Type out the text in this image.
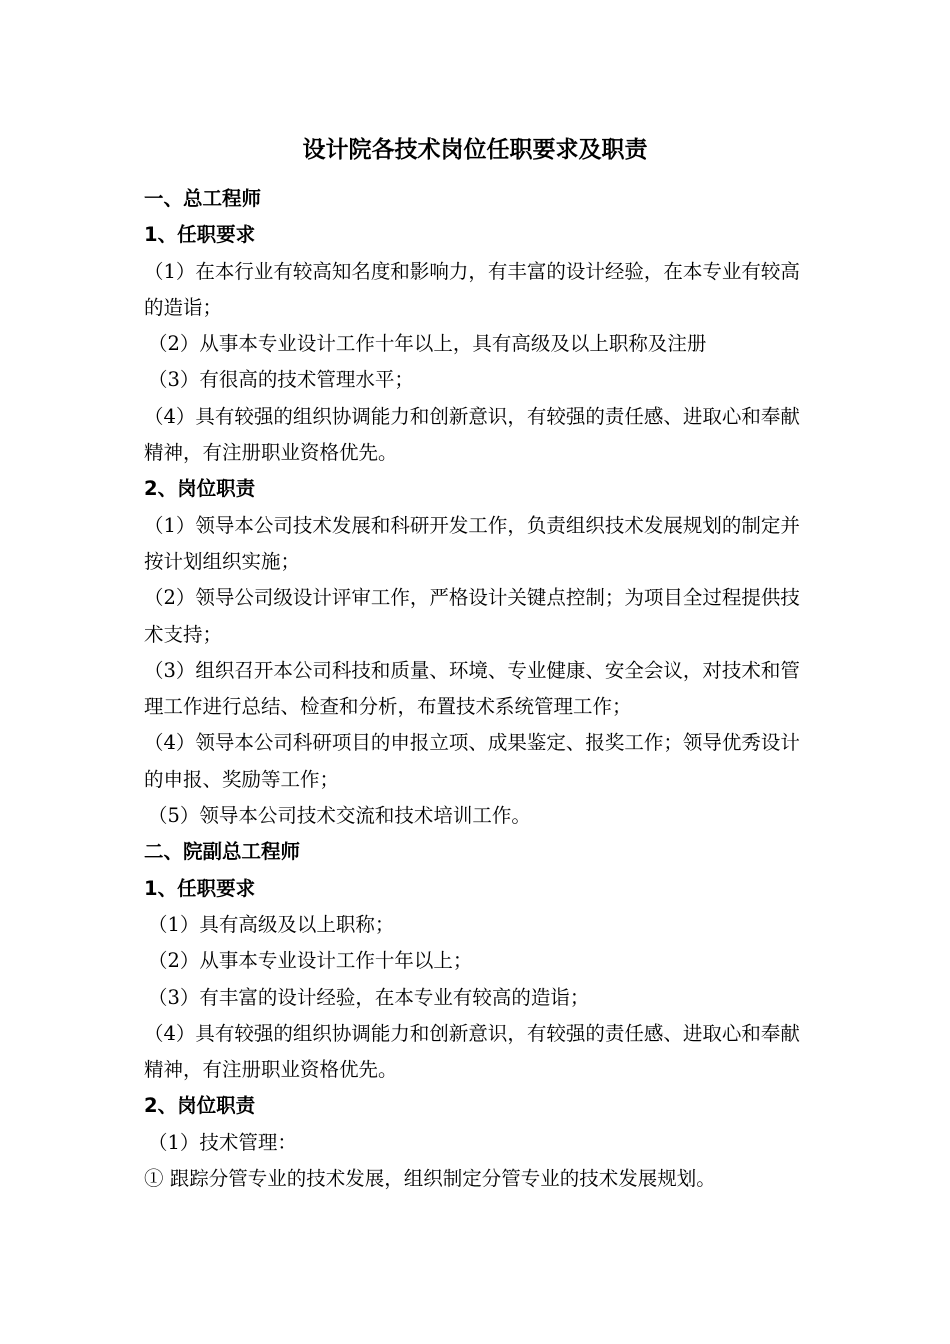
设计院各技术岗位任职要求及职责
一、总工程师
1、任职要求
（1）在本行业有较高知名度和影响力，有丰富的设计经验，在本专业有较高的造诣；
（2）从事本专业设计工作十年以上，具有高级及以上职称及注册
（3）有很高的技术管理水平；
（4）具有较强的组织协调能力和创新意识，有较强的责任感、进取心和奉献精神，有注册职业资格优先。
2、岗位职责
（1）领导本公司技术发展和科研开发工作，负责组织技术发展规划的制定并按计划组织实施；
（2）领导公司级设计评审工作，严格设计关键点控制；为项目全过程提供技术支持；
（3）组织召开本公司科技和质量、环境、专业健康、安全会议，对技术和管理工作进行总结、检查和分析，布置技术系统管理工作；
（4）领导本公司科研项目的申报立项、成果鉴定、报奖工作；领导优秀设计的申报、奖励等工作；
（5）领导本公司技术交流和技术培训工作。
二、院副总工程师
1、任职要求
（1）具有高级及以上职称；
（2）从事本专业设计工作十年以上；
（3）有丰富的设计经验，在本专业有较高的造诣；
（4）具有较强的组织协调能力和创新意识，有较强的责任感、进取心和奉献精神，有注册职业资格优先。
2、岗位职责
（1）技术管理：
① 跟踪分管专业的技术发展，组织制定分管专业的技术发展规划。
